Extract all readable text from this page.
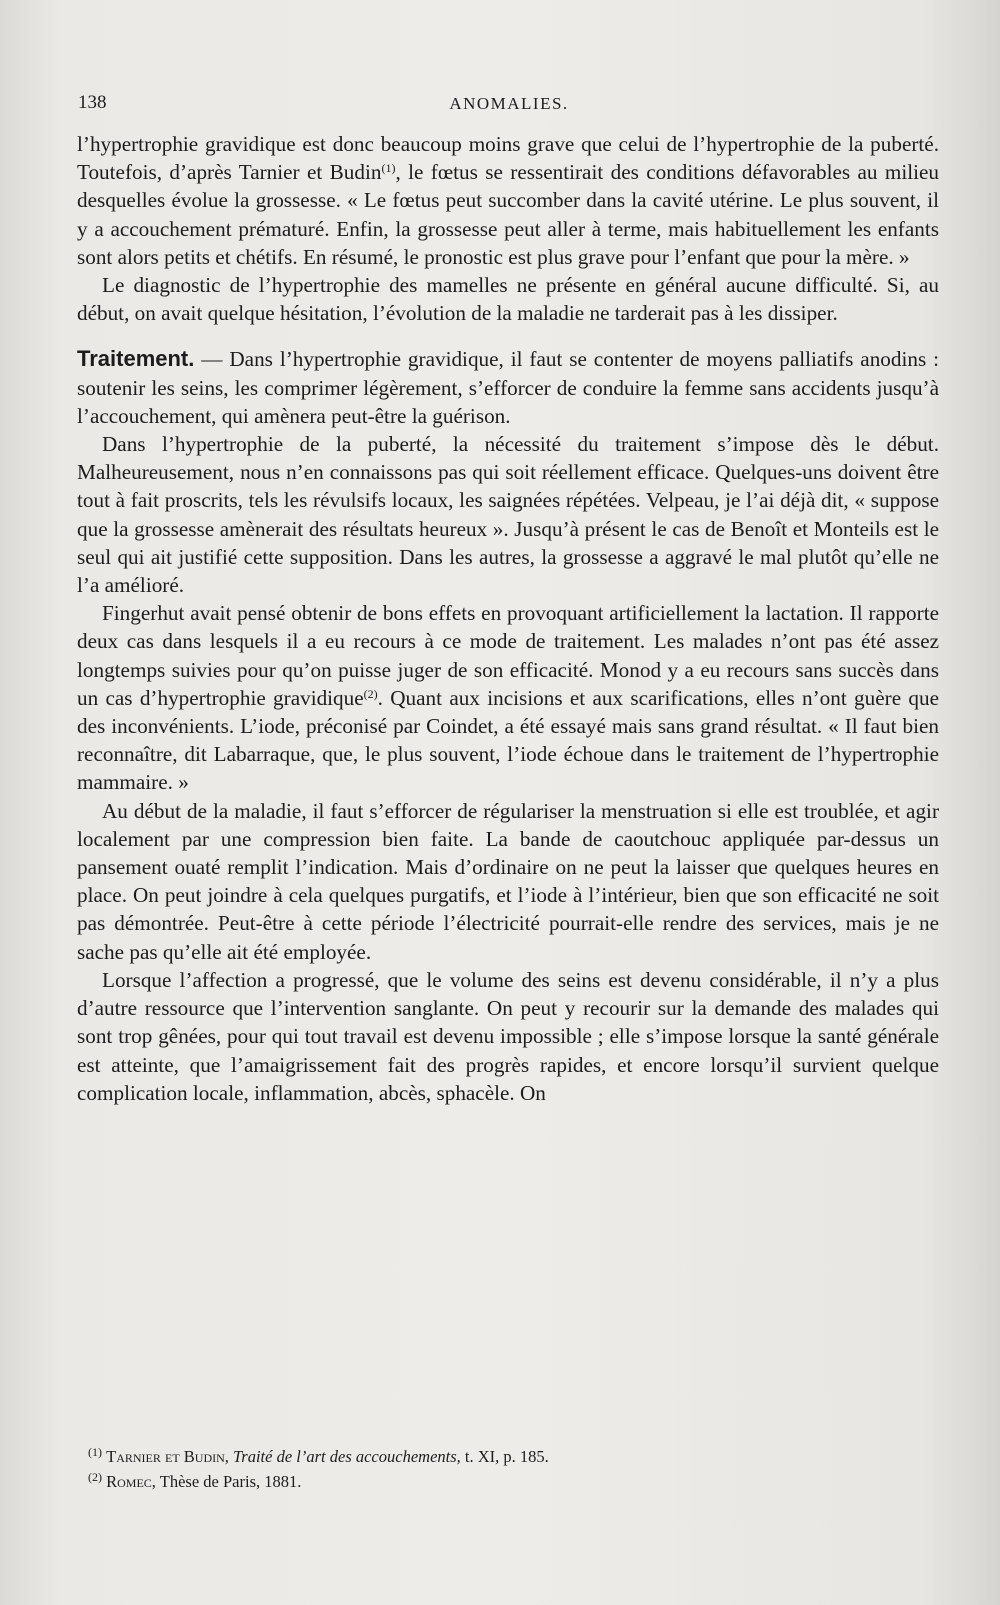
138	ANOMALIES.

l’hypertrophie gravidique est donc beaucoup moins grave que celui de l’hypertrophie de la puberté. Toutefois, d’après Tarnier et Budin$^{(1)}$, le fœtus se ressentirait des conditions défavorables au milieu desquelles évolue la grossesse. « Le fœtus peut succomber dans la cavité utérine. Le plus souvent, il y a accouchement prématuré. Enfin, la grossesse peut aller à terme, mais habituellement les enfants sont alors petits et chétifs. En résumé, le pronostic est plus grave pour l’enfant que pour la mère. »

Le diagnostic de l’hypertrophie des mamelles ne présente en général aucune difficulté. Si, au début, on avait quelque hésitation, l’évolution de la maladie ne tarderait pas à les dissiper.

Traitement. — Dans l’hypertrophie gravidique, il faut se contenter de moyens palliatifs anodins : soutenir les seins, les comprimer légèrement, s’efforcer de conduire la femme sans accidents jusqu’à l’accouchement, qui amènera peut-être la guérison.

Dans l’hypertrophie de la puberté, la nécessité du traitement s’impose dès le début. Malheureusement, nous n’en connaissons pas qui soit réellement efficace. Quelques-uns doivent être tout à fait proscrits, tels les révulsifs locaux, les saignées répétées. Velpeau, je l’ai déjà dit, « suppose que la grossesse amènerait des résultats heureux ». Jusqu’à présent le cas de Benoît et Monteils est le seul qui ait justifié cette supposition. Dans les autres, la grossesse a aggravé le mal plutôt qu’elle ne l’a amélioré.

Fingerhut avait pensé obtenir de bons effets en provoquant artificiellement la lactation. Il rapporte deux cas dans lesquels il a eu recours à ce mode de traitement. Les malades n’ont pas été assez longtemps suivies pour qu’on puisse juger de son efficacité. Monod y a eu recours sans succès dans un cas d’hypertrophie gravidique$^{(2)}$. Quant aux incisions et aux scarifications, elles n’ont guère que des inconvénients. L’iode, préconisé par Coindet, a été essayé mais sans grand résultat. « Il faut bien reconnaître, dit Labarraque, que, le plus souvent, l’iode échoue dans le traitement de l’hypertrophie mammaire. »

Au début de la maladie, il faut s’efforcer de régulariser la menstruation si elle est troublée, et agir localement par une compression bien faite. La bande de caoutchouc appliquée par-dessus un pansement ouaté remplit l’indication. Mais d’ordinaire on ne peut la laisser que quelques heures en place. On peut joindre à cela quelques purgatifs, et l’iode à l’intérieur, bien que son efficacité ne soit pas démontrée. Peut-être à cette période l’électricité pourrait-elle rendre des services, mais je ne sache pas qu’elle ait été employée.

Lorsque l’affection a progressé, que le volume des seins est devenu considérable, il n’y a plus d’autre ressource que l’intervention sanglante. On peut y recourir sur la demande des malades qui sont trop gênées, pour qui tout travail est devenu impossible ; elle s’impose lorsque la santé générale est atteinte, que l’amaigrissement fait des progrès rapides, et encore lorsqu’il survient quelque complication locale, inflammation, abcès, sphacèle. On

$^{(1)}$ Tarnier et Budin, Traité de l’art des accouchements, t. XI, p. 185.

$^{(2)}$ Romec, Thèse de Paris, 1881.
